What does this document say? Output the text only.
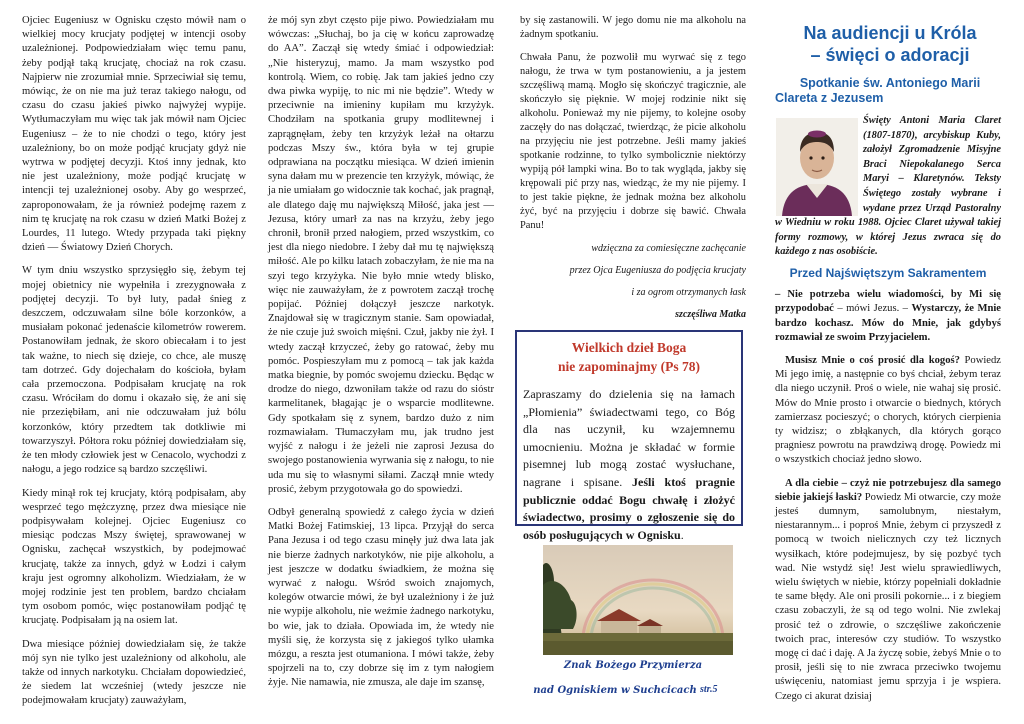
Ojciec Eugeniusz w Ognisku często mówił nam o wielkiej mocy krucjaty podjętej w intencji osoby uzależnionej. Podpowiedziałam więc temu panu, żeby podjął taką krucjatę, chociaż na rok czasu. Najpierw nie zrozumiał mnie. Sprzeciwiał się temu, mówiąc, że on nie ma już teraz takiego nałogu, od czasu do czasu jakieś piwko najwyżej wypije. Wytłumaczyłam mu więc tak jak mówił nam Ojciec Eugeniusz – że to nie chodzi o tego, który jest uzależniony, bo on może podjąć krucjaty gdyż nie wytrwa w podjętej decyzji. Ktoś inny jednak, kto nie jest uzależniony, może podjąć krucjatę w intencji tej uzależnionej osoby. Aby go wesprzeć, zaproponowałam, że ja również podejmę razem z nim tę krucjatę na rok czasu w dzień Matki Bożej z Lourdes, 11 lutego. Wtedy przypada taki piękny dzień — Światowy Dzień Chorych.

W tym dniu wszystko sprzysięgło się, żebym tej mojej obietnicy nie wypełniła i zrezygnowała z podjętej decyzji. To był luty, padał śnieg z deszczem, odczuwałam silne bóle korzonków, a musiałam pokonać jedenaście kilometrów rowerem. Postanowiłam jednak, że skoro obiecałam i to jest tak ważne, to niech się dzieje, co chce, ale muszę tam dotrzeć. Gdy dojechałam do kościoła, byłam cała przemoczona. Podpisałam krucjatę na rok czasu. Wróciłam do domu i okazało się, że ani się nie przeziębiłam, ani nie odczuwałam już bólu korzonków, który przedtem tak dotkliwie mi towarzyszył. Półtora roku później dowiedziałam się, że ten młody człowiek jest w Cenacolo, wychodzi z nałogu, a jego rodzice są bardzo szczęśliwi.

Kiedy minął rok tej krucjaty, którą podpisałam, aby wesprzeć tego mężczyznę, przez dwa miesiące nie podpisywałam kolejnej. Ojciec Eugeniusz co miesiąc podczas Mszy świętej, sprawowanej w Ognisku, zachęcał wszystkich, by podejmować krucjatę, także za innych, gdyż w Łodzi i całym kraju jest ogromny alkoholizm. Wiedziałam, że w mojej rodzinie jest ten problem, bardzo chciałam tym osobom pomóc, więc postanowiłam podjąć tę krucjatę. Podpisałam ją na osiem lat.

Dwa miesiące później dowiedziałam się, że także mój syn nie tylko jest uzależniony od alkoholu, ale także od innych narkotyku. Chciałam dopowiedzieć, że siedem lat wcześniej (wtedy jeszcze nie podejmowałam krucjaty) zauważyłam,

że mój syn zbyt często pije piwo. Powiedziałam mu wówczas: „Słuchaj, bo ja cię w końcu zaprowadzę do AA”. Zaczął się wtedy śmiać i odpowiedział: „Nie histeryzuj, mamo. Ja mam wszystko pod kontrolą. Wiem, co robię. Jak tam jakieś jedno czy dwa piwka wypiję, to nic mi nie będzie”. Wtedy w przeciwnie na imieniny kupiłam mu krzyżyk. Chodziłam na spotkania grupy modlitewnej i zaprągnęłam, żeby ten krzyżyk leżał na ołtarzu podczas Mszy św., która była w tej grupie odprawiana na początku miesiąca. W dzień imienin syna dałam mu w prezencie ten krzyżyk, mówiąc, że ja nie umiałam go widocznie tak kochać, jak pragnął, ale dlatego daję mu największą Miłość, jaka jest — Jezusa, który umarł za nas na krzyżu, żeby jego chronił, bronił przed nałogiem, przed wszystkim, co jest dla niego niedobre. I żeby dał mu tę największą miłość. Ale po kilku latach zobaczyłam, że nie ma na szyi tego krzyżyka. Nie było mnie wtedy blisko, więc nie zauważyłam, że z powrotem zaczął trochę popijać. Później dołączył jeszcze narkotyk. Znajdował się w tragicznym stanie. Sam opowiadał, że nie czuje już swoich mięśni. Czuł, jakby nie żył. I wtedy zaczął krzyczeć, żeby go ratować, żeby mu pomóc. Pospieszyłam mu z pomocą – tak jak każda matka biegnie, by pomóc swojemu dziecku. Będąc w drodze do niego, dzwoniłam także od razu do sióstr karmelitanek, błagając je o wsparcie modlitewne. Gdy spotkałam się z synem, bardzo dużo z nim rozmawiałam. Tłumaczyłam mu, jak trudno jest wyjść z nałogu i że jeżeli nie zaprosi Jezusa do swojego postanowienia wyrwania się z nałogu, to nie uda mu się to własnymi siłami. Zaczął mnie wtedy prosić, żebym przygotowała go do spowiedzi.

Odbył generalną spowiedź z całego życia w dzień Matki Bożej Fatimskiej, 13 lipca. Przyjął do serca Pana Jezusa i od tego czasu minęły już dwa lata jak nie bierze żadnych narkotyków, nie pije alkoholu, a jest jeszcze w dodatku świadkiem, że można się wyrwać z nałogu. Wśród swoich znajomych, kolegów otwarcie mówi, że był uzależniony i że już nie wypije alkoholu, nie weźmie żadnego narkotyku, bo wie, jak to działa. Opowiada im, że wtedy nie myśli się, że korzysta się z jakiegoś tylko ułamka mózgu, a reszta jest otumaniona. I mówi także, żeby spojrzeli na to, czy dobrze się im z tym nałogiem żyje. Nie namawia, nie zmusza, ale daje im szansę,

by się zastanowili. W jego domu nie ma alkoholu na żadnym spotkaniu.

Chwała Panu, że pozwolił mu wyrwać się z tego nałogu, że trwa w tym postanowieniu, a ja jestem szczęśliwą mamą. Mogło się skończyć tragicznie, ale skończyło się pięknie. W mojej rodzinie nikt się alkoholu. Ponieważ my nie pijemy, to kolejne osoby zaczęły do nas dołączać, twierdząc, że picie alkoholu na przyjęciu nie jest potrzebne. Jeśli mamy jakieś spotkanie rodzinne, to tylko symbolicznie niektórzy wypiją pół lampki wina. Bo to tak wygląda, jakby się krępowali pić przy nas, wiedząc, że my nie pijemy. I to jest takie piękne, że jednak można bez alkoholu żyć, być na przyjęciu i dobrze się bawić. Chwała Panu!

wdzięczna za comiesięczne zachęcanie

przez Ojca Eugeniusza do podjęcia krucjaty

i za ogrom otrzymanych łask

szczęśliwa Matka

Wielkich dzieł Boga

nie zapominajmy (Ps 78)

Zapraszamy do dzielenia się na łamach „Płomienia” świadectwami tego, co Bóg dla nas uczynił, ku wzajemnemu umocnieniu. Można je składać w formie pisemnej lub mogą zostać wysłuchane, nagrane i spisane. Jeśli ktoś pragnie publicznie oddać Bogu chwałę i złożyć świadectwo, prosimy o zgłoszenie się do osób posługujących w Ognisku.
Znak Bożego Przymierza
nad Ogniskiem w Suchcicach str.5
Na audiencji u Króla
– święci o adoracji
Spotkanie św. Antoniego Marii
Clareta z Jezusem
Święty Antoni Maria Claret (1807-1870), arcybiskup Kuby, założył Zgromadzenie Misyjne Braci Niepokalanego Serca Maryi – Klaretynów. Teksty Świętego zostały wybrane i wydane przez Urząd Pastoralny w Wiedniu w roku 1988. Ojciec Claret używał takiej formy rozmowy, w której Jezus zwraca się do każdego z nas osobiście.
Przed Najświętszym Sakramentem

– Nie potrzeba wielu wiadomości, by Mi się przypodobać – mówi Jezus. – Wystarczy, że Mnie bardzo kochasz. Mów do Mnie, jak gdybyś rozmawiał ze swoim Przyjacielem.

Musisz Mnie o coś prosić dla kogoś? Powiedz Mi jego imię, a następnie co byś chciał, żebym teraz dla niego uczynił. Proś o wiele, nie wahaj się prosić. Mów do Mnie prosto i otwarcie o biednych, których zamierzasz pocieszyć; o chorych, których cierpienia ty widzisz; o zbłąkanych, dla których gorąco pragniesz powrotu na prawdziwą drogę. Powiedz mi o wszystkich chociaż jedno słowo.

A dla ciebie – czyż nie potrzebujesz dla samego siebie jakiejś łaski? Powiedz Mi otwarcie, czy może jesteś dumnym, samolubnym, niestałym, niestarannym... i poproś Mnie, żebym ci przyszedł z pomocą w twoich nielicznych czy też licznych wysiłkach, które podejmujesz, by się pozbyć tych wad. Nie wstydź się! Jest wielu sprawiedliwych, wielu świętych w niebie, którzy popełniali dokładnie te same błędy. Ale oni prosili pokornie... i z biegiem czasu zobaczyli, że są od tego wolni. Nie zwlekaj prosić też o zdrowie, o szczęśliwe zakończenie twoich prac, interesów czy studiów. To wszystko mogę ci dać i daję. A Ja życzę sobie, żebyś Mnie o to prosił, jeśli się to nie zwraca przeciwko twojemu uświęceniu, natomiast jemu sprzyja i je wspiera. Czego ci akurat dzisiaj
